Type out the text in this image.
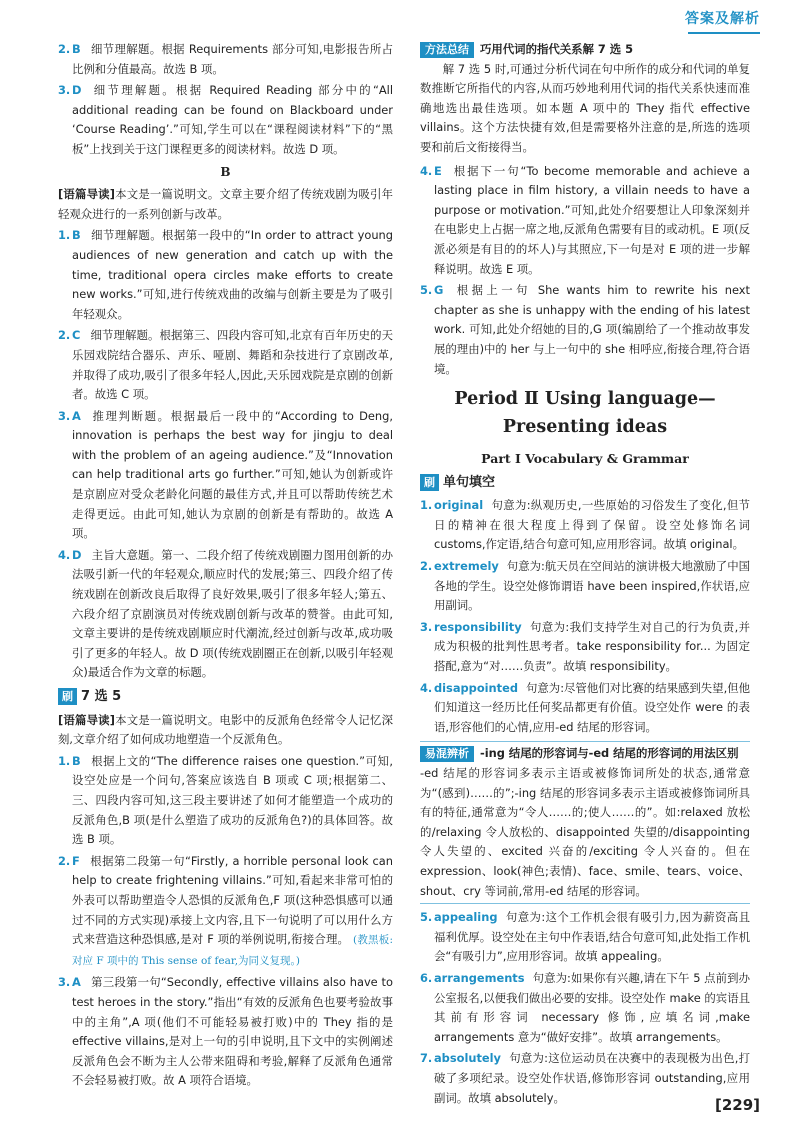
答案及解析
2. B 细节理解题。根据 Requirements 部分可知,电影报告所占比例和分值最高。故选 B 项。
3. D 细节理解题。根据 Required Reading 部分中的“All additional reading can be found on Blackboard under ‘Course Reading’.”可知,学生可以在“课程阅读材料”下的“黑板”上找到关于这门课程更多的阅读材料。故选 D 项。
B
[语篇导读]本文是一篇说明文。文章主要介绍了传统戏剧为吸引年轻观众进行的一系列创新与改革。
1. B 细节理解题。根据第一段中的“In order to attract young audiences of new generation and catch up with the time, traditional opera circles make efforts to create new works.”可知,进行传统戏曲的改编与创新主要是为了吸引年轻观众。
2. C 细节理解题。根据第三、四段内容可知,北京有百年历史的天乐园戏院结合器乐、声乐、哑剧、舞蹈和杂技进行了京剧改革,并取得了成功,吸引了很多年轻人,因此,天乐园戏院是京剧的创新者。故选 C 项。
3. A 推理判断题。根据最后一段中的“According to Deng, innovation is perhaps the best way for jingju to deal with the problem of an ageing audience.”及“Innovation can help traditional arts go further.”可知,她认为创新或许是京剧应对受众老龄化问题的最佳方式,并且可以帮助传统艺术走得更远。由此可知,她认为京剧的创新是有帮助的。故选 A 项。
4. D 主旨大意题。第一、二段介绍了传统戏剧圈力图用创新的办法吸引新一代的年轻观众,顺应时代的发展;第三、四段介绍了传统戏剧在创新改良后取得了良好效果,吸引了很多年轻人;第五、六段介绍了京剧演员对传统戏剧创新与改革的赞誉。由此可知,文章主要讲的是传统戏剧顺应时代潮流,经过创新与改革,成功吸引了更多的年轻人。故 D 项(传统戏剧圈正在创新,以吸引年轻观众)最适合作为文章的标题。
刷 7 选 5
[语篇导读]本文是一篇说明文。电影中的反派角色经常令人记忆深刻,文章介绍了如何成功地塑造一个反派角色。
1. B 根据上文的“The difference raises one question.”可知,设空处应是一个问句,答案应该选自 B 项或 C 项;根据第二、三、四段内容可知,这三段主要讲述了如何才能塑造一个成功的反派角色,B 项(是什么塑造了成功的反派角色?)的具体回答。故选 B 项。
2. F 根据第二段第一句“Firstly, a horrible personal look can help to create frightening villains.”可知,看起来非常可怕的外表可以帮助塑造令人恐惧的反派角色,F 项(这种恐惧感可以通过不同的方式实现)承接上文内容,且下一句说明了可以用什么方式来营造这种恐惧感,是对 F 项的举例说明,衔接合理。 (教黑板:对应 F 项中的 This sense of fear,为同义复现。)
3. A 第三段第一句“Secondly, effective villains also have to test heroes in the story.”指出“有效的反派角色也要考验故事中的主角”,A 项(他们不可能轻易被打败)中的 They 指的是 effective villains,是对上一句的引申说明,且下文中的实例阐述反派角色会不断为主人公带来阻碍和考验,解释了反派角色通常不会轻易被打败。故 A 项符合语境。

方法总结 巧用代词的指代关系解 7 选 5

解 7 选 5 时,可通过分析代词在句中所作的成分和代词的单复数推断它所指代的内容,从而巧妙地利用代词的指代关系快速而准确地选出最佳选项。如本题 A 项中的 They 指代 effective villains。这个方法快捷有效,但是需要格外注意的是,所选的选项要和前后文衔接得当。

4. E 根据下一句“To become memorable and achieve a lasting place in film history, a villain needs to have a purpose or motivation.”可知,此处介绍要想让人印象深刻并在电影史上占据一席之地,反派角色需要有目的或动机。E 项(反派必须是有目的的坏人)与其照应,下一句是对 E 项的进一步解释说明。故选 E 项。
5. G 根据上一句 She wants him to rewrite his next chapter as she is unhappy with the ending of his latest work. 可知,此处介绍她的目的,G 项(编剧给了一个推动故事发展的理由)中的 her 与上一句中的 she 相呼应,衔接合理,符合语境。
Period Ⅱ Using language—Presenting ideas
Part Ⅰ Vocabulary & Grammar
刷 单句填空
1. original 句意为:纵观历史,一些原始的习俗发生了变化,但节日的精神在很大程度上得到了保留。设空处修饰名词 customs,作定语,结合句意可知,应用形容词。故填 original。
2. extremely 句意为:航天员在空间站的演讲极大地激励了中国各地的学生。设空处修饰谓语 have been inspired,作状语,应用副词。
3. responsibility 句意为:我们支持学生对自己的行为负责,并成为积极的批判性思考者。take responsibility for... 为固定搭配,意为“对……负责”。故填 responsibility。
4. disappointed 句意为:尽管他们对比赛的结果感到失望,但他们知道这一经历比任何奖品都更有价值。设空处作 were 的表语,形容他们的心情,应用-ed 结尾的形容词。
易混辨析 -ing 结尾的形容词与-ed 结尾的形容词的用法区别
-ed 结尾的形容词多表示主语或被修饰词所处的状态,通常意为“(感到)……的”;-ing 结尾的形容词多表示主语或被修饰词所具有的特征,通常意为“令人……的;使人……的”。如:relaxed 放松的/relaxing 令人放松的、disappointed 失望的/disappointing 令人失望的、excited 兴奋的/exciting 令人兴奋的。但在 expression、look(神色;表情)、face、smile、tears、voice、shout、cry 等词前,常用-ed 结尾的形容词。
5. appealing 句意为:这个工作机会很有吸引力,因为薪资高且福利优厚。设空处在主句中作表语,结合句意可知,此处指工作机会“有吸引力”,应用形容词。故填 appealing。
6. arrangements 句意为:如果你有兴趣,请在下午 5 点前到办公室报名,以便我们做出必要的安排。设空处作 make 的宾语且其前有形容词 necessary 修饰,应填名词,make arrangements 意为“做好安排”。故填 arrangements。
7. absolutely 句意为:这位运动员在决赛中的表现极为出色,打破了多项纪录。设空处作状语,修饰形容词 outstanding,应用副词。故填 absolutely。	[229]
